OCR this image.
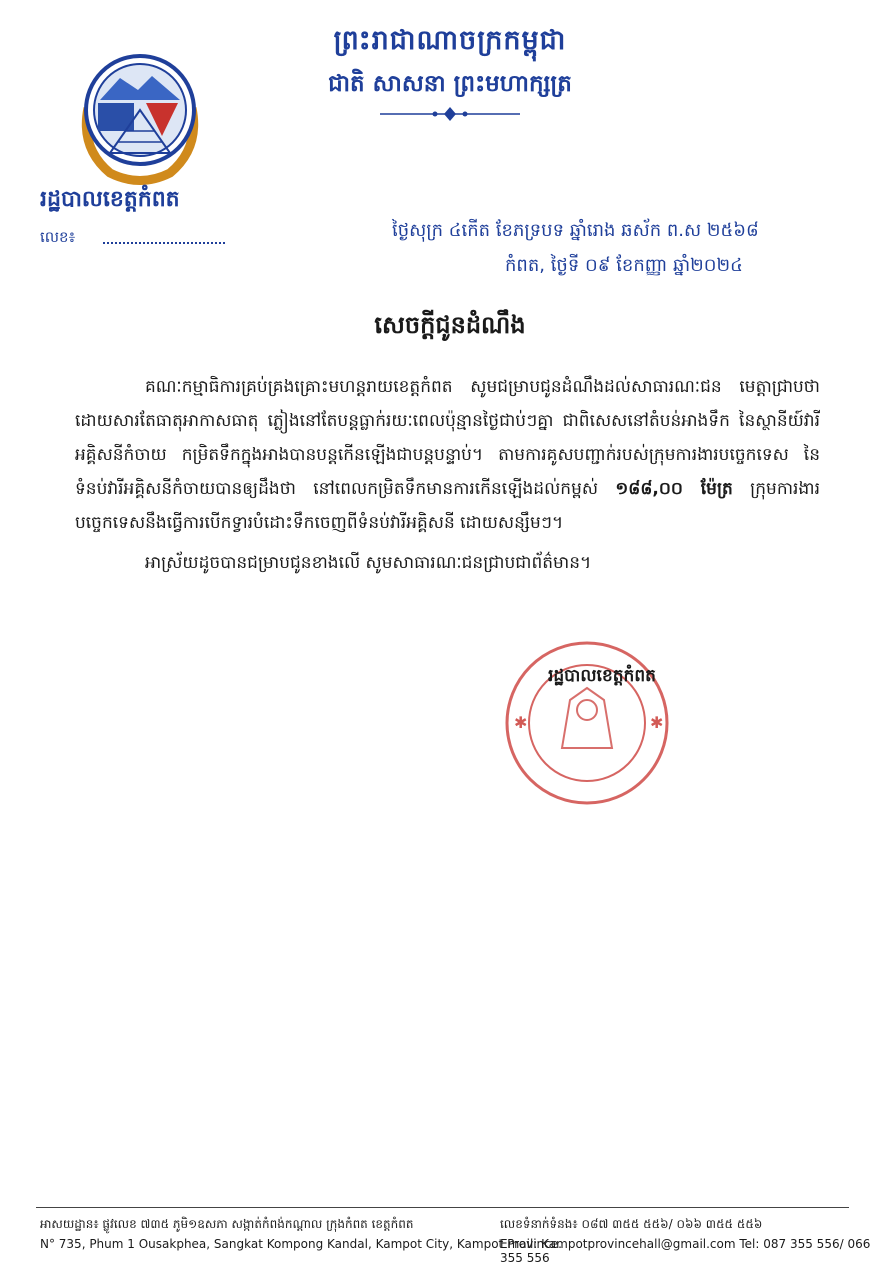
ព្រះរាជាណាចក្រកម្ពុជា
ជាតិ សាសនា ព្រះមហាក្សត្រ
រដ្ឋបាលខេត្តកំពត
លេខ៖	ថ្ងៃសុក្រ ៤កើត ខែភទ្របទ ឆ្នាំរោង ឆស័ក ព.ស ២៥៦៨
កំពត, ថ្ងៃទី ០៩ ខែកញ្ញា ឆ្នាំ២០២៤
សេចក្តីជូនដំណឹង

គណៈកម្មាធិការគ្រប់គ្រងគ្រោះមហន្តរាយខេត្តកំពត សូមជម្រាបជូនដំណឹងដល់សាធារណៈជន មេត្តាជ្រាបថា ដោយសារតែធាតុអាកាសធាតុ ភ្លៀងនៅតែបន្តធ្លាក់រយៈពេលប៉ុន្មានថ្ងៃជាប់ៗគ្នា ជាពិសេសនៅតំបន់អាងទឹក នៃស្ថានីយ៍វារីអគ្គិសនីកំចាយ កម្រិតទឹកក្នុងអាងបានបន្តកើនឡើងជាបន្តបន្ទាប់។ តាមការគូសបញ្ជាក់របស់ក្រុមការងារបច្ចេកទេស នៃទំនប់វារីអគ្គិសនីកំចាយបានឲ្យដឹងថា នៅពេលកម្រិតទឹកមានការកើនឡើងដល់កម្ពស់ ១៨៨,០០ ម៉ែត្រ ក្រុមការងារបច្ចេកទេសនឹងធ្វើការបើកទ្វារបំដោះទឹកចេញពីទំនប់វារីអគ្គិសនី ដោយសន្សឹមៗ។

អាស្រ័យដូចបានជម្រាបជូនខាងលើ សូមសាធារណៈជនជ្រាបជាព័ត៌មាន។

✱	✱
រដ្ឋបាលខេត្តកំពត
អាសយដ្ឋាន៖ ផ្លូវលេខ ៧៣៥ ភូមិ១ឧសភា សង្កាត់កំពង់កណ្តាល ក្រុងកំពត ខេត្តកំពត
N° 735, Phum 1 Ousakphea, Sangkat Kompong Kandal, Kampot City, Kampot Province.
លេខទំនាក់ទំនង៖ ០៨៧ ៣៥៥ ៥៥៦/ ០៦៦ ៣៥៥ ៥៥៦
Email: Kampotprovincehall@gmail.com Tel: 087 355 556/ 066 355 556
